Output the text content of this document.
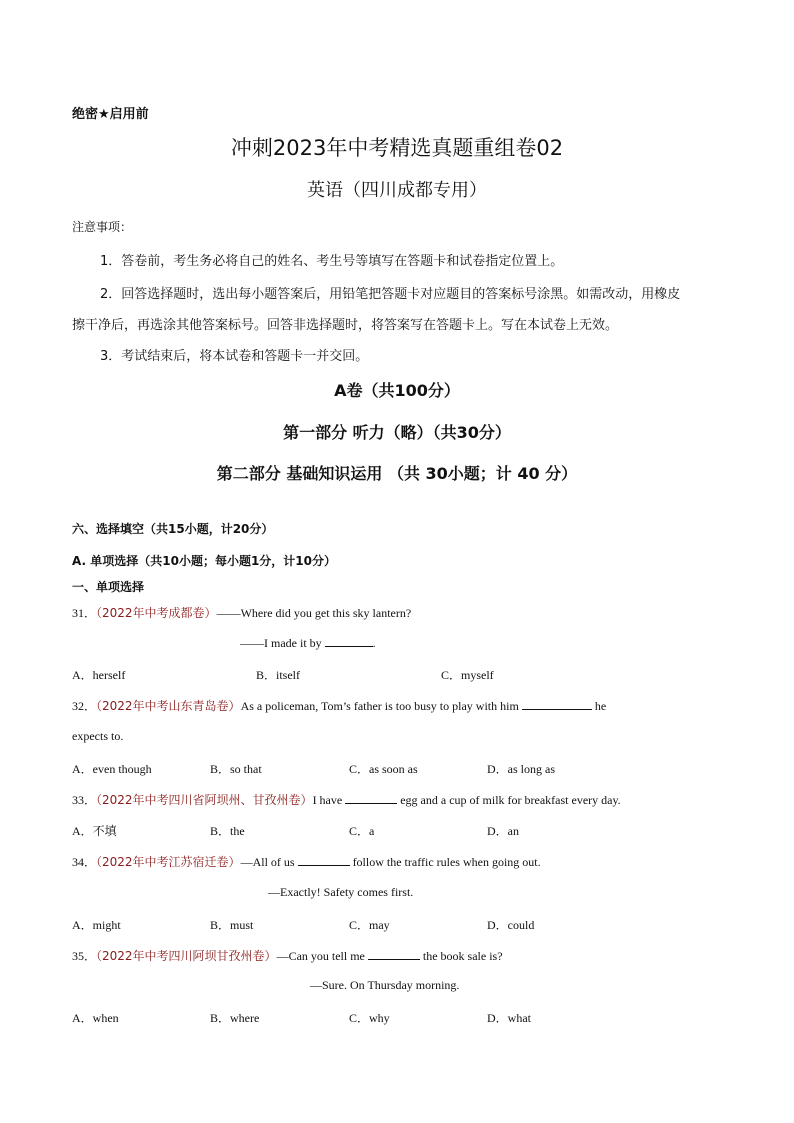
绝密★启用前
冲刺2023年中考精选真题重组卷02
英语（四川成都专用）
注意事项：
1．答卷前，考生务必将自己的姓名、考生号等填写在答题卡和试卷指定位置上。
2．回答选择题时，选出每小题答案后，用铅笔把答题卡对应题目的答案标号涂黑。如需改动，用橡皮
擦干净后，再选涂其他答案标号。回答非选择题时，将答案写在答题卡上。写在本试卷上无效。
3．考试结束后，将本试卷和答题卡一并交回。
A卷（共100分）
第一部分 听力（略）（共30分）
第二部分 基础知识运用 （共 30小题；计 40 分）
六、选择填空（共15小题，计20分）
A. 单项选择（共10小题；每小题1分，计10分）
一、单项选择
31．（2022年中考成都卷）——Where did you get this sky lantern?
——I made it by	.
A．herself	B．itself	C．myself
32．（2022年中考山东青岛卷）As a policeman, Tom’s father is too busy to play with him	he
expects to.
A．even though	B．so that	C．as soon as	D．as long as
33．（2022年中考四川省阿坝州、甘孜州卷）I have	egg and a cup of milk for breakfast every day.
A．不填	B．the	C．a	D．an
34．（2022年中考江苏宿迁卷）—All of us	follow the traffic rules when going out.
—Exactly! Safety comes first.
A．might	B．must	C．may	D．could
35．（2022年中考四川阿坝甘孜州卷）—Can you tell me	the book sale is?
—Sure. On Thursday morning.
A．when	B．where	C．why	D．what
